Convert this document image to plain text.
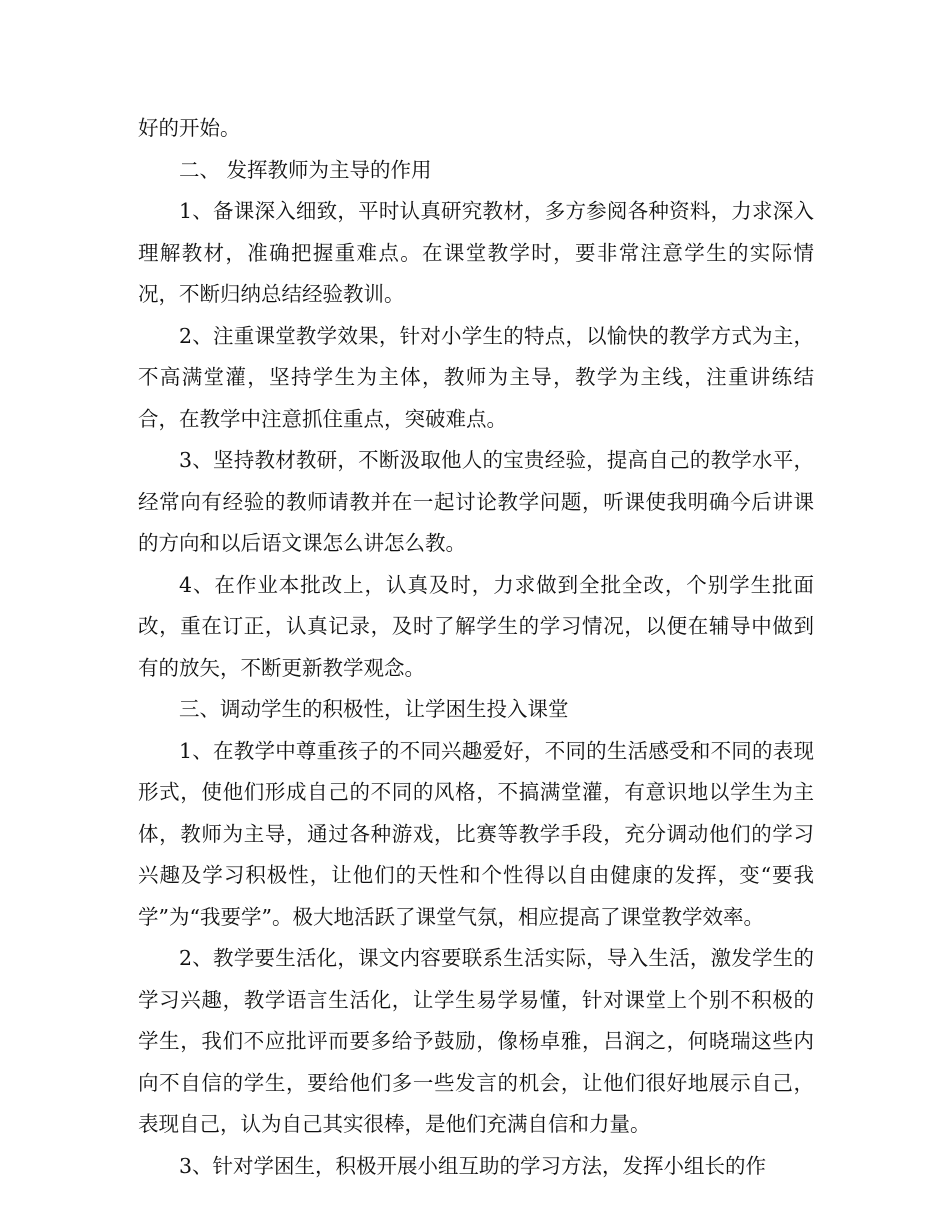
好的开始。

二、 发挥教师为主导的作用

1、备课深入细致，平时认真研究教材，多方参阅各种资料，力求深入理解教材，准确把握重难点。在课堂教学时，要非常注意学生的实际情况，不断归纳总结经验教训。

2、注重课堂教学效果，针对小学生的特点，以愉快的教学方式为主，不高满堂灌，坚持学生为主体，教师为主导，教学为主线，注重讲练结合，在教学中注意抓住重点，突破难点。

3、坚持教材教研，不断汲取他人的宝贵经验，提高自己的教学水平，经常向有经验的教师请教并在一起讨论教学问题，听课使我明确今后讲课的方向和以后语文课怎么讲怎么教。

4、在作业本批改上，认真及时，力求做到全批全改，个别学生批面改，重在订正，认真记录，及时了解学生的学习情况，以便在辅导中做到有的放矢，不断更新教学观念。

三、调动学生的积极性，让学困生投入课堂

1、在教学中尊重孩子的不同兴趣爱好，不同的生活感受和不同的表现形式，使他们形成自己的不同的风格，不搞满堂灌，有意识地以学生为主体，教师为主导，通过各种游戏，比赛等教学手段，充分调动他们的学习兴趣及学习积极性，让他们的天性和个性得以自由健康的发挥，变“要我学”为“我要学”。极大地活跃了课堂气氛，相应提高了课堂教学效率。

2、教学要生活化，课文内容要联系生活实际，导入生活，激发学生的学习兴趣，教学语言生活化，让学生易学易懂，针对课堂上个别不积极的学生，我们不应批评而要多给予鼓励，像杨卓雅，吕润之，何晓瑞这些内向不自信的学生，要给他们多一些发言的机会，让他们很好地展示自己，表现自己，认为自己其实很棒，是他们充满自信和力量。

3、针对学困生，积极开展小组互助的学习方法，发挥小组长的作
